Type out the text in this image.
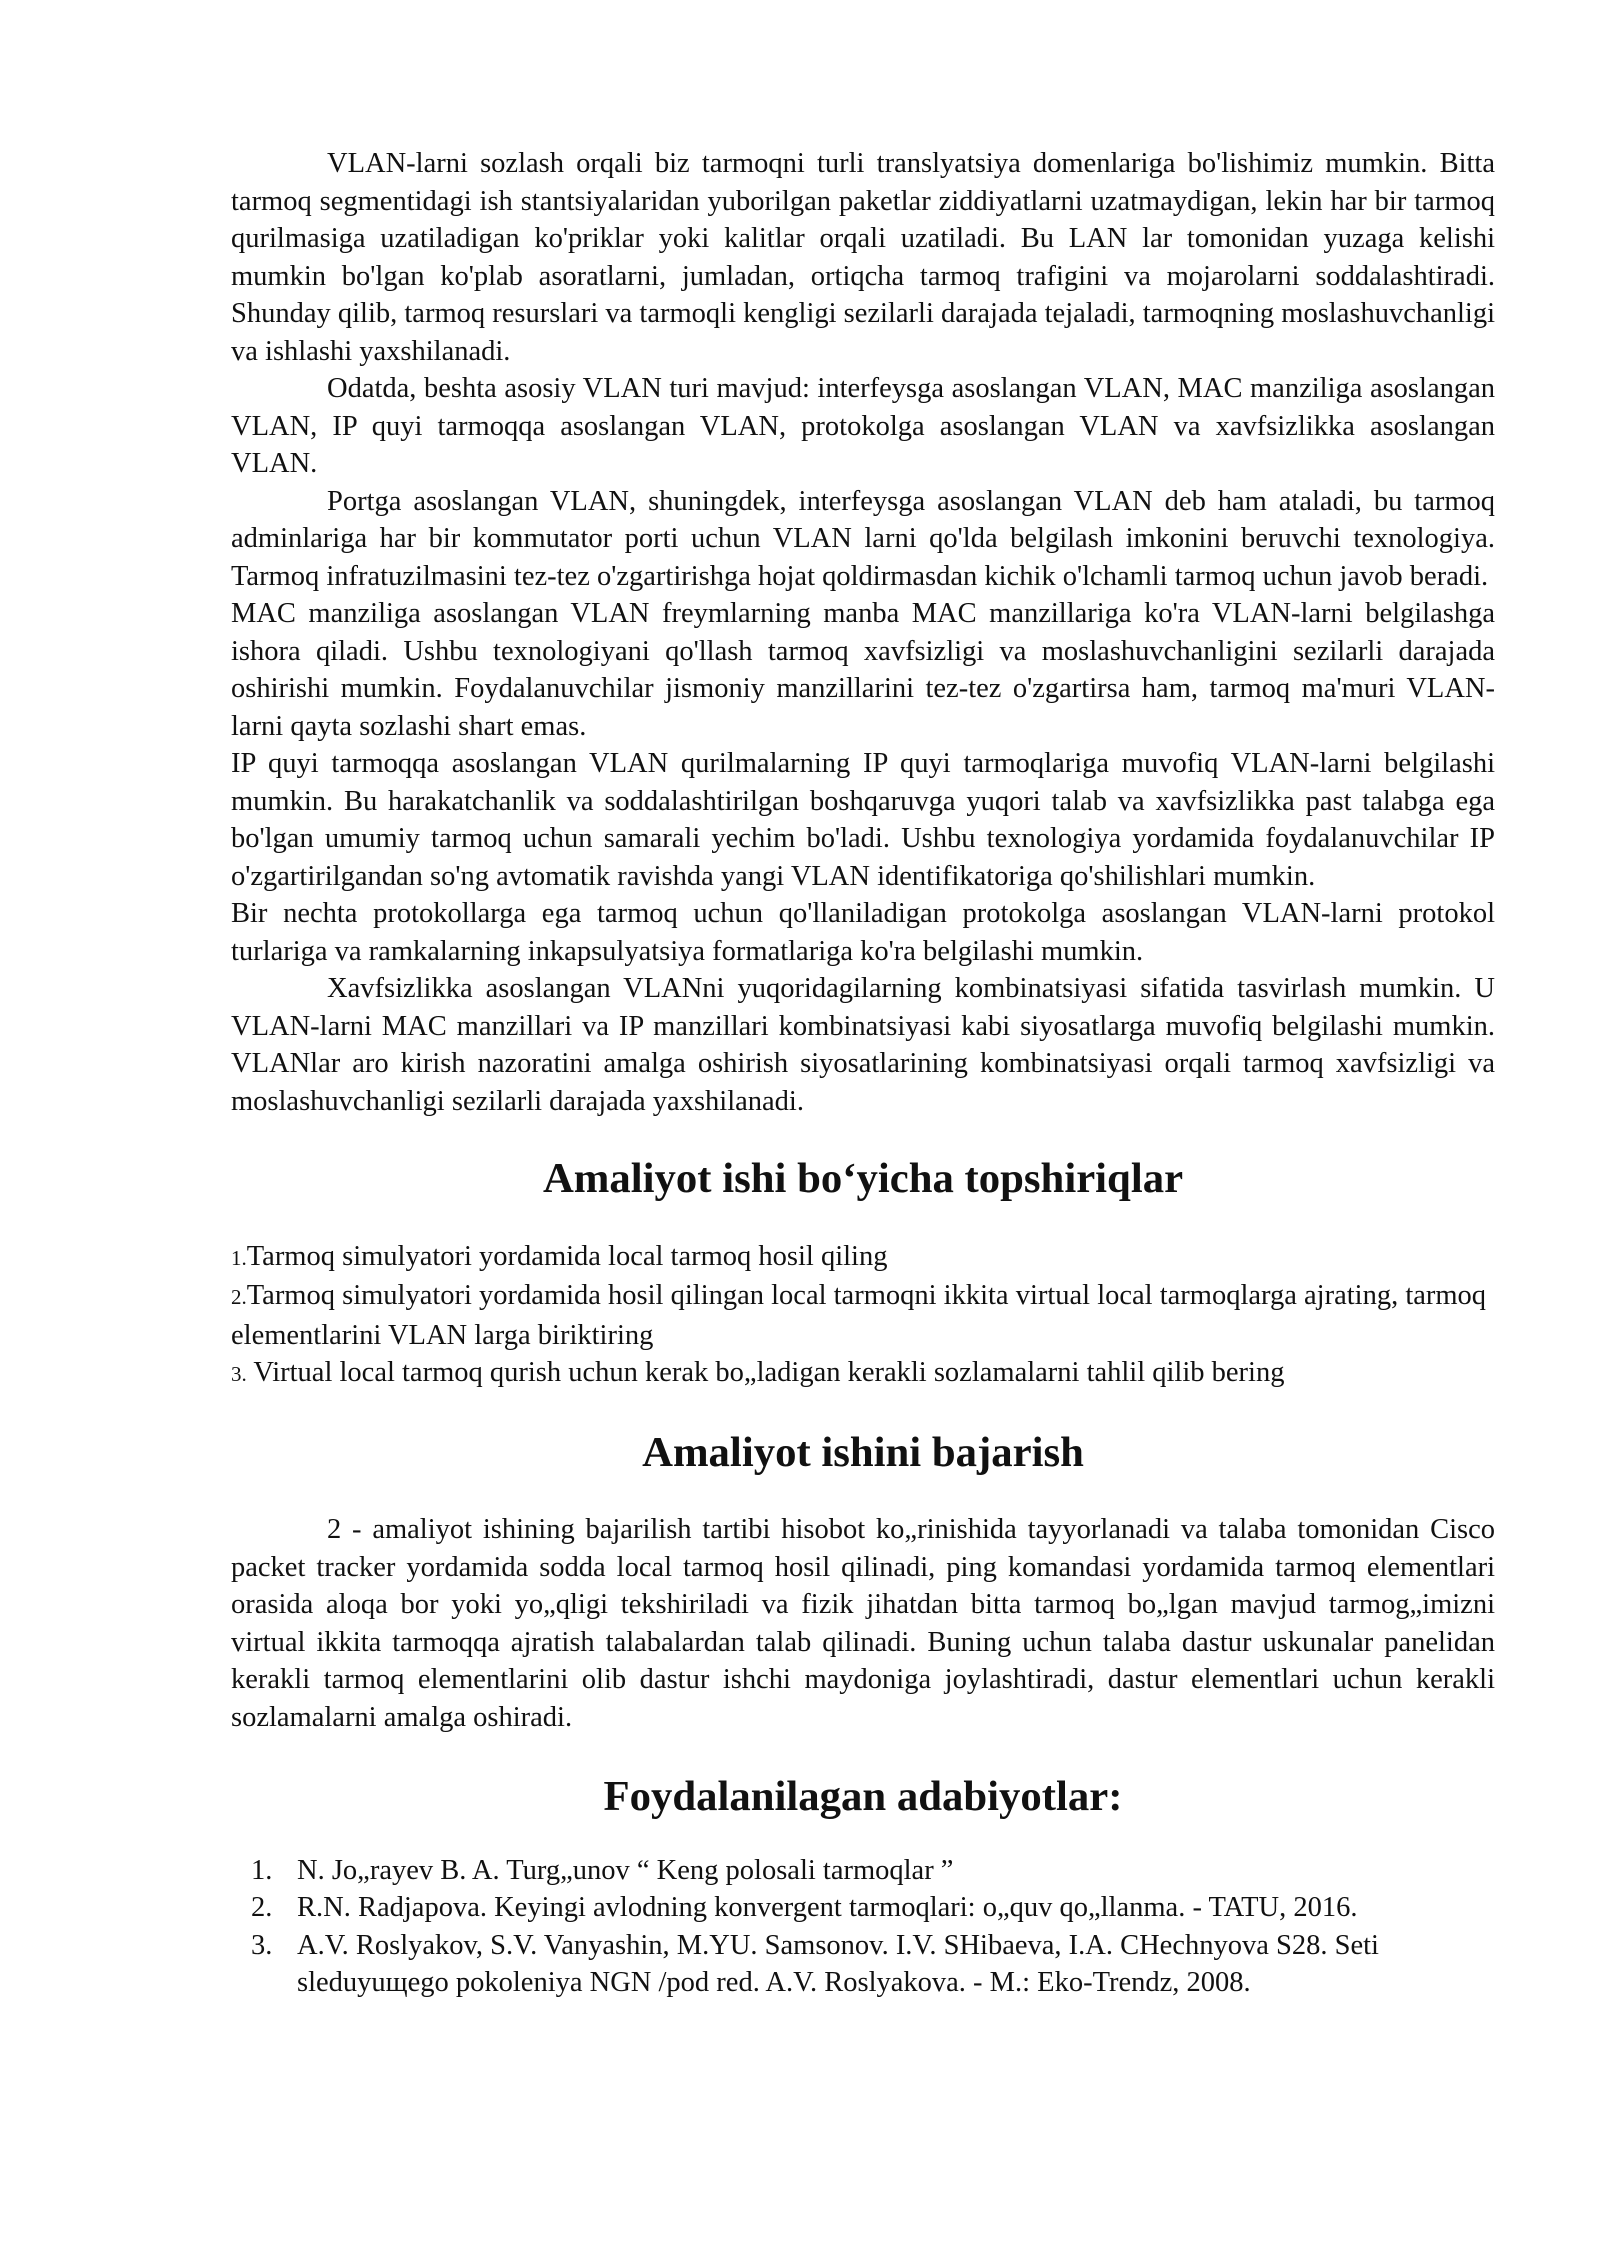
VLAN-larni sozlash orqali biz tarmoqni turli translyatsiya domenlariga bo'lishimiz mumkin. Bitta tarmoq segmentidagi ish stantsiyalaridan yuborilgan paketlar ziddiyatlarni uzatmaydigan, lekin har bir tarmoq qurilmasiga uzatiladigan ko'priklar yoki kalitlar orqali uzatiladi. Bu LAN lar tomonidan yuzaga kelishi mumkin bo'lgan ko'plab asoratlarni, jumladan, ortiqcha tarmoq trafigini va mojarolarni soddalashtiradi. Shunday qilib, tarmoq resurslari va tarmoqli kengligi sezilarli darajada tejaladi, tarmoqning moslashuvchanligi va ishlashi yaxshilanadi.

Odatda, beshta asosiy VLAN turi mavjud: interfeysga asoslangan VLAN, MAC manziliga asoslangan VLAN, IP quyi tarmoqqa asoslangan VLAN, protokolga asoslangan VLAN va xavfsizlikka asoslangan VLAN.

Portga asoslangan VLAN, shuningdek, interfeysga asoslangan VLAN deb ham ataladi, bu tarmoq adminlariga har bir kommutator porti uchun VLAN larni qo'lda belgilash imkonini beruvchi texnologiya. Tarmoq infratuzilmasini tez-tez o'zgartirishga hojat qoldirmasdan kichik o'lchamli tarmoq uchun javob beradi.

MAC manziliga asoslangan VLAN freymlarning manba MAC manzillariga ko'ra VLAN-larni belgilashga ishora qiladi. Ushbu texnologiyani qo'llash tarmoq xavfsizligi va moslashuvchanligini sezilarli darajada oshirishi mumkin. Foydalanuvchilar jismoniy manzillarini tez-tez o'zgartirsa ham, tarmoq ma'muri VLAN-larni qayta sozlashi shart emas.

IP quyi tarmoqqa asoslangan VLAN qurilmalarning IP quyi tarmoqlariga muvofiq VLAN-larni belgilashi mumkin. Bu harakatchanlik va soddalashtirilgan boshqaruvga yuqori talab va xavfsizlikka past talabga ega bo'lgan umumiy tarmoq uchun samarali yechim bo'ladi. Ushbu texnologiya yordamida foydalanuvchilar IP o'zgartirilgandan so'ng avtomatik ravishda yangi VLAN identifikatoriga qo'shilishlari mumkin.

Bir nechta protokollarga ega tarmoq uchun qo'llaniladigan protokolga asoslangan VLAN-larni protokol turlariga va ramkalarning inkapsulyatsiya formatlariga ko'ra belgilashi mumkin.

Xavfsizlikka asoslangan VLANni yuqoridagilarning kombinatsiyasi sifatida tasvirlash mumkin. U VLAN-larni MAC manzillari va IP manzillari kombinatsiyasi kabi siyosatlarga muvofiq belgilashi mumkin. VLANlar aro kirish nazoratini amalga oshirish siyosatlarining kombinatsiyasi orqali tarmoq xavfsizligi va moslashuvchanligi sezilarli darajada yaxshilanadi.

Amaliyot ishi bo‘yicha topshiriqlar
1.Tarmoq simulyatori yordamida local tarmoq hosil qiling
2.Tarmoq simulyatori yordamida hosil qilingan local tarmoqni ikkita virtual local tarmoqlarga ajrating, tarmoq elementlarini VLAN larga biriktiring
3. Virtual local tarmoq qurish uchun kerak bo„ladigan kerakli sozlamalarni tahlil qilib bering
Amaliyot ishini bajarish

2 - amaliyot ishining bajarilish tartibi hisobot ko„rinishida tayyorlanadi va talaba tomonidan Cisco packet tracker yordamida sodda local tarmoq hosil qilinadi, ping komandasi yordamida tarmoq elementlari orasida aloqa bor yoki yo„qligi tekshiriladi va fizik jihatdan bitta tarmoq bo„lgan mavjud tarmog„imizni virtual ikkita tarmoqqa ajratish talabalardan talab qilinadi. Buning uchun talaba dastur uskunalar panelidan kerakli tarmoq elementlarini olib dastur ishchi maydoniga joylashtiradi, dastur elementlari uchun kerakli sozlamalarni amalga oshiradi.

Foydalanilagan adabiyotlar:
1. N. Jo„rayev B. A. Turg„unov “ Keng polosali tarmoqlar ”
2. R.N. Radjapova. Keyingi avlodning konvergent tarmoqlari: o„quv qo„llanma. - TATU, 2016.
3. A.V. Roslyakov, S.V. Vanyashin, M.YU. Samsonov. I.V. SHibaeva, I.A. CHechnyova S28. Seti sleduyuщego pokoleniya NGN /pod red. A.V. Roslyakova. - M.: Eko-Trendz, 2008.
